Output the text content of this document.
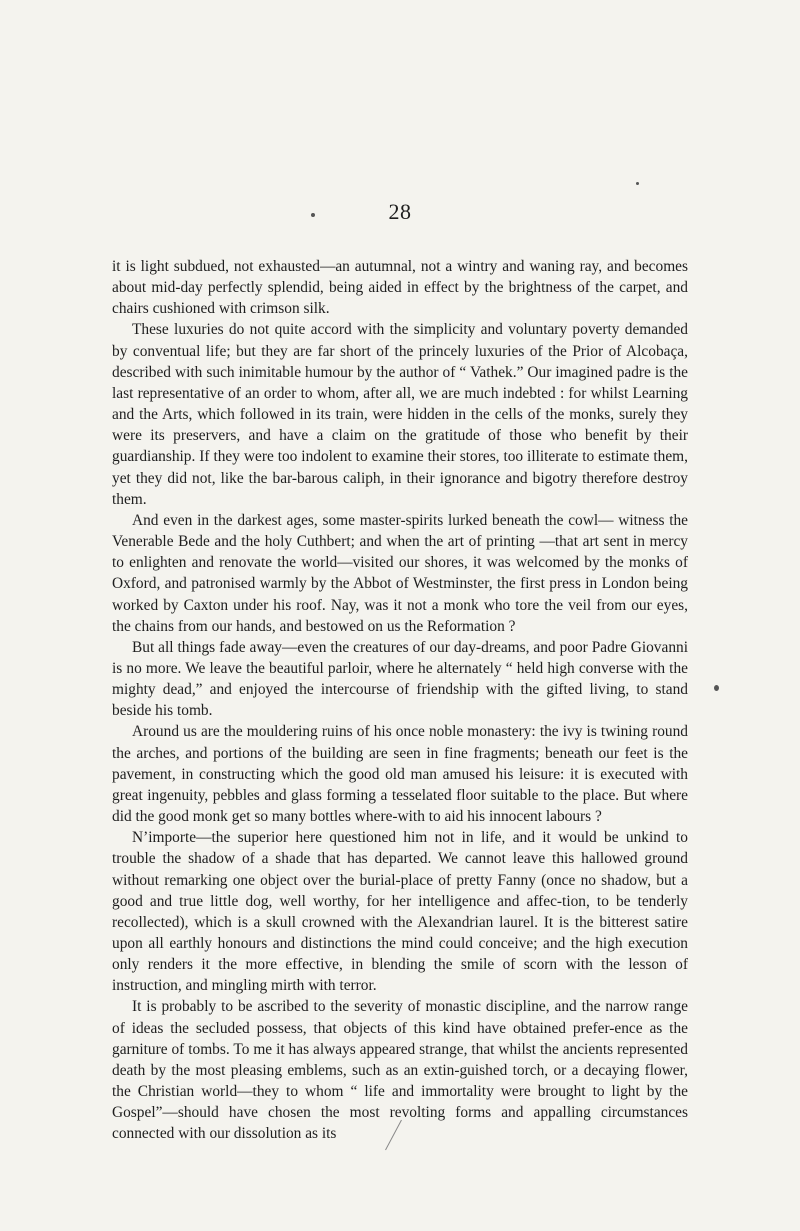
28

it is light subdued, not exhausted—an autumnal, not a wintry and waning ray, and becomes about mid-day perfectly splendid, being aided in effect by the brightness of the carpet, and chairs cushioned with crimson silk.

These luxuries do not quite accord with the simplicity and voluntary poverty demanded by conventual life; but they are far short of the princely luxuries of the Prior of Alcobaça, described with such inimitable humour by the author of “ Vathek.” Our imagined padre is the last representative of an order to whom, after all, we are much indebted : for whilst Learning and the Arts, which followed in its train, were hidden in the cells of the monks, surely they were its preservers, and have a claim on the gratitude of those who benefit by their guardianship. If they were too indolent to examine their stores, too illiterate to estimate them, yet they did not, like the bar-barous caliph, in their ignorance and bigotry therefore destroy them.

And even in the darkest ages, some master-spirits lurked beneath the cowl— witness the Venerable Bede and the holy Cuthbert; and when the art of printing —that art sent in mercy to enlighten and renovate the world—visited our shores, it was welcomed by the monks of Oxford, and patronised warmly by the Abbot of Westminster, the first press in London being worked by Caxton under his roof. Nay, was it not a monk who tore the veil from our eyes, the chains from our hands, and bestowed on us the Reformation ?

But all things fade away—even the creatures of our day-dreams, and poor Padre Giovanni is no more. We leave the beautiful parloir, where he alternately “ held high converse with the mighty dead,” and enjoyed the intercourse of friendship with the gifted living, to stand beside his tomb.

Around us are the mouldering ruins of his once noble monastery: the ivy is twining round the arches, and portions of the building are seen in fine fragments; beneath our feet is the pavement, in constructing which the good old man amused his leisure: it is executed with great ingenuity, pebbles and glass forming a tesselated floor suitable to the place. But where did the good monk get so many bottles where-with to aid his innocent labours ?

N’importe—the superior here questioned him not in life, and it would be unkind to trouble the shadow of a shade that has departed. We cannot leave this hallowed ground without remarking one object over the burial-place of pretty Fanny (once no shadow, but a good and true little dog, well worthy, for her intelligence and affec-tion, to be tenderly recollected), which is a skull crowned with the Alexandrian laurel. It is the bitterest satire upon all earthly honours and distinctions the mind could conceive; and the high execution only renders it the more effective, in blending the smile of scorn with the lesson of instruction, and mingling mirth with terror.

It is probably to be ascribed to the severity of monastic discipline, and the narrow range of ideas the secluded possess, that objects of this kind have obtained prefer-ence as the garniture of tombs. To me it has always appeared strange, that whilst the ancients represented death by the most pleasing emblems, such as an extin-guished torch, or a decaying flower, the Christian world—they to whom “ life and immortality were brought to light by the Gospel”—should have chosen the most revolting forms and appalling circumstances connected with our dissolution as its
